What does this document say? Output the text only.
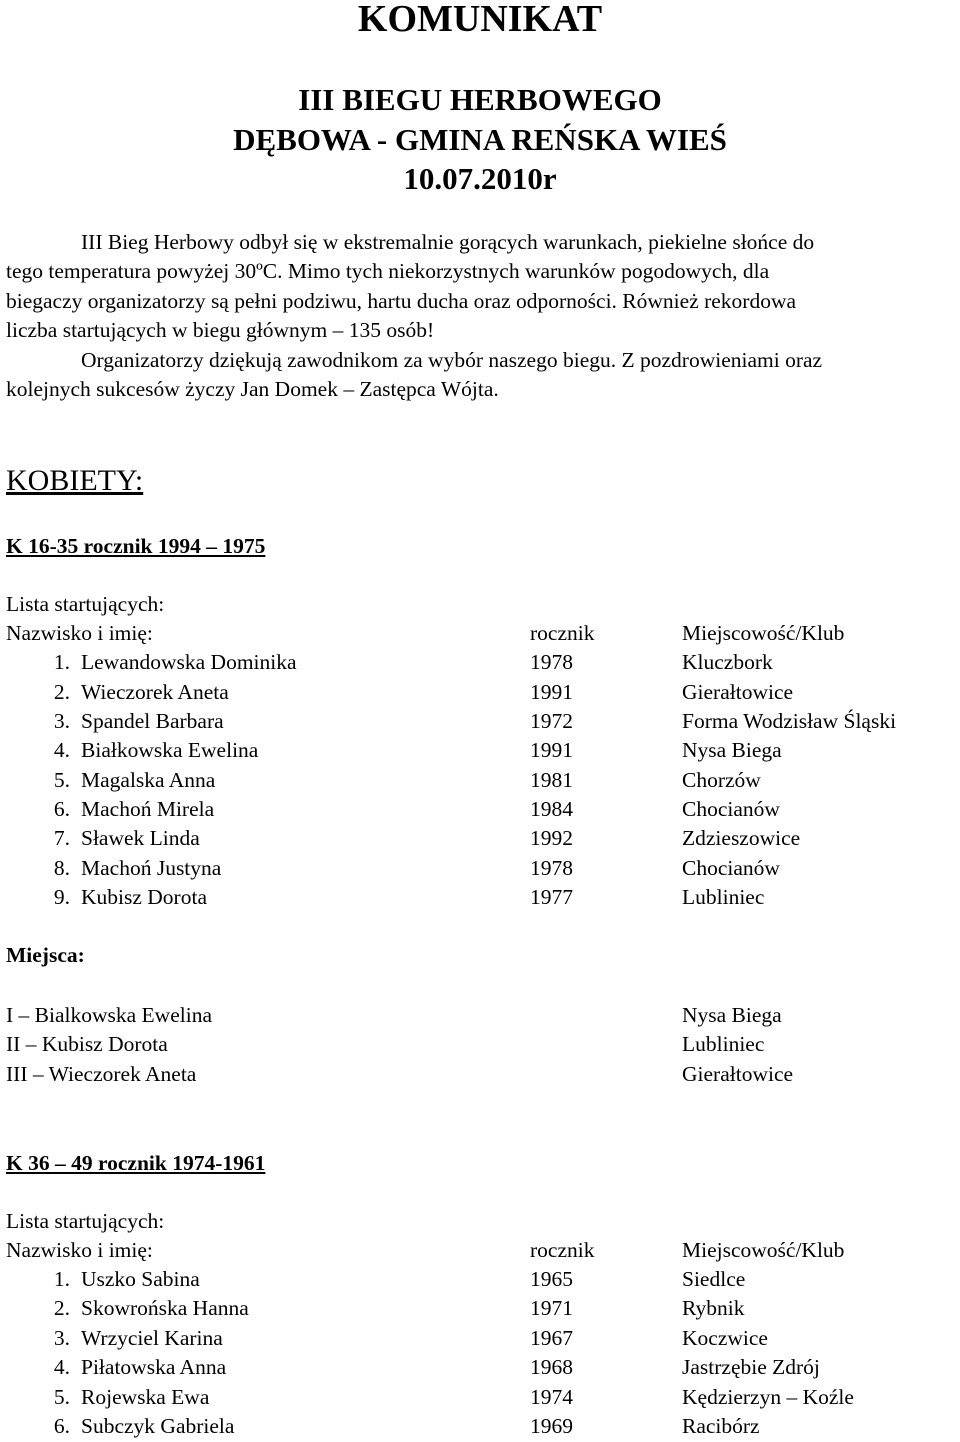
KOMUNIKAT
III BIEGU HERBOWEGO
DĘBOWA - GMINA REŃSKA WIEŚ
10.07.2010r
III Bieg Herbowy odbył się w ekstremalnie gorących warunkach, piekielne słońce do
tego temperatura powyżej 30ºC. Mimo tych niekorzystnych warunków pogodowych, dla
biegaczy organizatorzy są pełni podziwu, hartu ducha oraz odporności. Również rekordowa
liczba startujących w biegu głównym – 135 osób!
Organizatorzy dziękują zawodnikom za wybór naszego biegu. Z pozdrowieniami oraz
kolejnych sukcesów życzy Jan Domek – Zastępca Wójta.
KOBIETY:
K 16-35 rocznik 1994 – 1975
Lista startujących:
Nazwisko i imię:	rocznik	Miejscowość/Klub
1. Lewandowska Dominika	1978	Kluczbork
2. Wieczorek Aneta	1991	Gierałtowice
3. Spandel Barbara	1972	Forma Wodzisław Śląski
4. Białkowska Ewelina	1991	Nysa Biega
5. Magalska Anna	1981	Chorzów
6. Machoń Mirela	1984	Chocianów
7. Sławek Linda	1992	Zdzieszowice
8. Machoń Justyna	1978	Chocianów
9. Kubisz Dorota	1977	Lubliniec
Miejsca:
I – Bialkowska Ewelina	Nysa Biega
II – Kubisz Dorota	Lubliniec
III – Wieczorek Aneta	Gierałtowice
K 36 – 49 rocznik 1974-1961
Lista startujących:
Nazwisko i imię:	rocznik	Miejscowość/Klub
1. Uszko Sabina	1965	Siedlce
2. Skowrońska Hanna	1971	Rybnik
3. Wrzyciel Karina	1967	Koczwice
4. Piłatowska Anna	1968	Jastrzębie Zdrój
5. Rojewska Ewa	1974	Kędzierzyn – Koźle
6. Subczyk Gabriela	1969	Racibórz
